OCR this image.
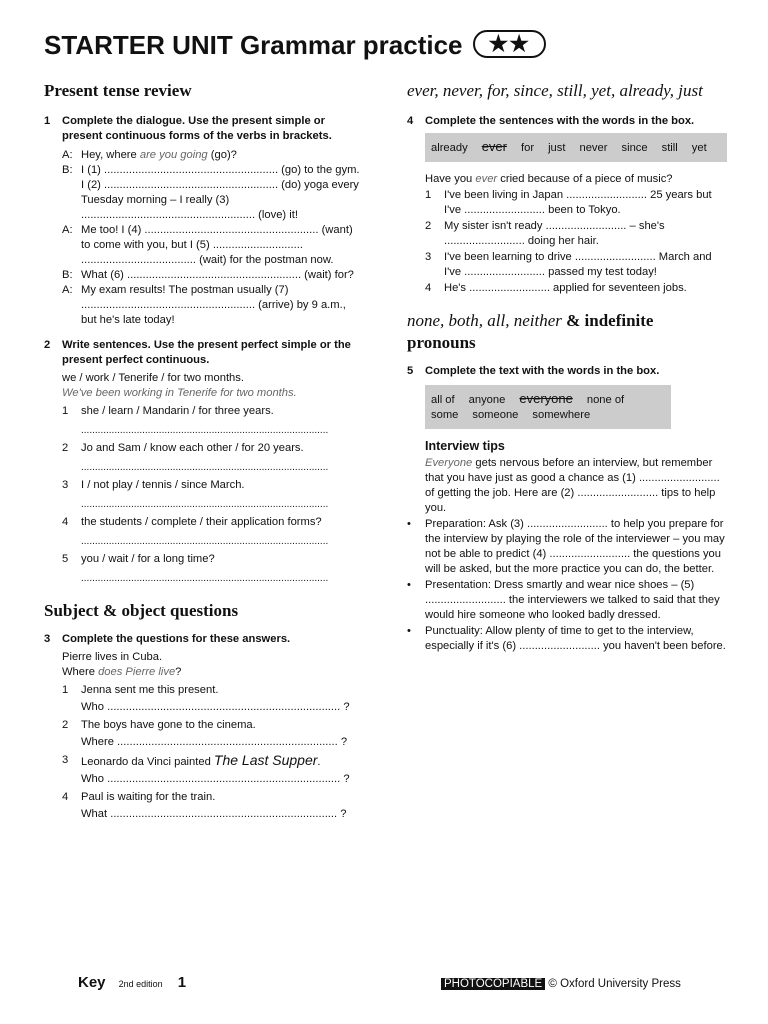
STARTER UNIT Grammar practice ★★
Present tense review
1	Complete the dialogue. Use the present simple or present continuous forms of the verbs in brackets.
A: Hey, where are you going (go)?
B: I (1) ........................................................ (go) to the gym. I (2) ........................................................ (do) yoga every Tuesday morning – I really (3) ........................................................ (love) it!
A: Me too! I (4) ........................................................ (want) to come with you, but I (5) ............................. ..................................... (wait) for the postman now.
B: What (6) ........................................................ (wait) for?
A: My exam results! The postman usually (7) ........................................................ (arrive) by 9 a.m., but he's late today!
2	Write sentences. Use the present perfect simple or the present perfect continuous.
we / work / Tenerife / for two months.
We've been working in Tenerife for two months.
1	she / learn / Mandarin / for three years.
.........................................................................................
2	Jo and Sam / know each other / for 20 years.
.........................................................................................
3	I / not play / tennis / since March.
.........................................................................................
4	the students / complete / their application forms?
.........................................................................................
5	you / wait / for a long time?
.........................................................................................
Subject & object questions
3	Complete the questions for these answers.
Pierre lives in Cuba.
Where does Pierre live?
1	Jenna sent me this present.
Who ........................................................................... ?
2	The boys have gone to the cinema.
Where ....................................................................... ?
3	Leonardo da Vinci painted The Last Supper.
Who ........................................................................... ?
4	Paul is waiting for the train.
What ......................................................................... ?
ever, never, for, since, still, yet, already, just
4	Complete the sentences with the words in the box.
already ever for just never since still yet
Have you ever cried because of a piece of music?
1	I've been living in Japan .......................... 25 years but I've .......................... been to Tokyo.
2	My sister isn't ready .......................... – she's .......................... doing her hair.
3	I've been learning to drive .......................... March and I've .......................... passed my test today!
4	He's .......................... applied for seventeen jobs.
none, both, all, neither & indefinite pronouns
5	Complete the text with the words in the box.
all of anyone everyone none of
some someone somewhere
Interview tips
Everyone gets nervous before an interview, but remember that you have just as good a chance as (1) .......................... of getting the job. Here are (2) .......................... tips to help you.
•	Preparation: Ask (3) .......................... to help you prepare for the interview by playing the role of the interviewer – you may not be able to predict (4) .......................... the questions you will be asked, but the more practice you can do, the better.
•	Presentation: Dress smartly and wear nice shoes – (5) .......................... the interviewers we talked to said that they would hire someone who looked badly dressed.
•	Punctuality: Allow plenty of time to get to the interview, especially if it's (6) .......................... you haven't been before.
Key 2nd edition 1	PHOTOCOPIABLE © Oxford University Press
